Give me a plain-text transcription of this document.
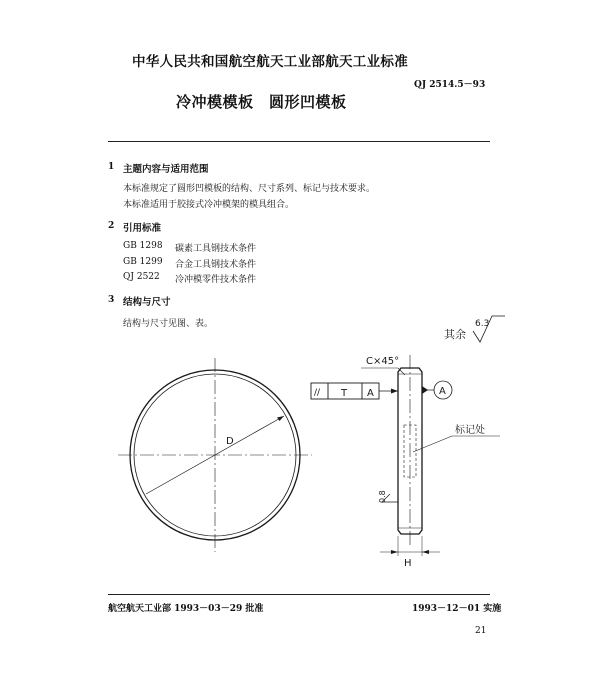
中华人民共和国航空航天工业部航天工业标准
QJ 2514.5－93
冷冲模模板　圆形凹模板
1 主题内容与适用范围
本标准规定了圆形凹模板的结构、尺寸系列、标记与技术要求。
本标准适用于胶接式冷冲模架的模具组合。
2 引用标准
GB 1298 碳素工具钢技术条件
GB 1299 合金工具钢技术条件
QJ 2522 冷冲模零件技术条件
3 结构与尺寸
结构与尺寸见图、表。
其余
6.3
C×45°
// T A	A
标记处
D
0.8
H
航空航天工业部 1993－03－29 批准	1993－12－01 实施
21
